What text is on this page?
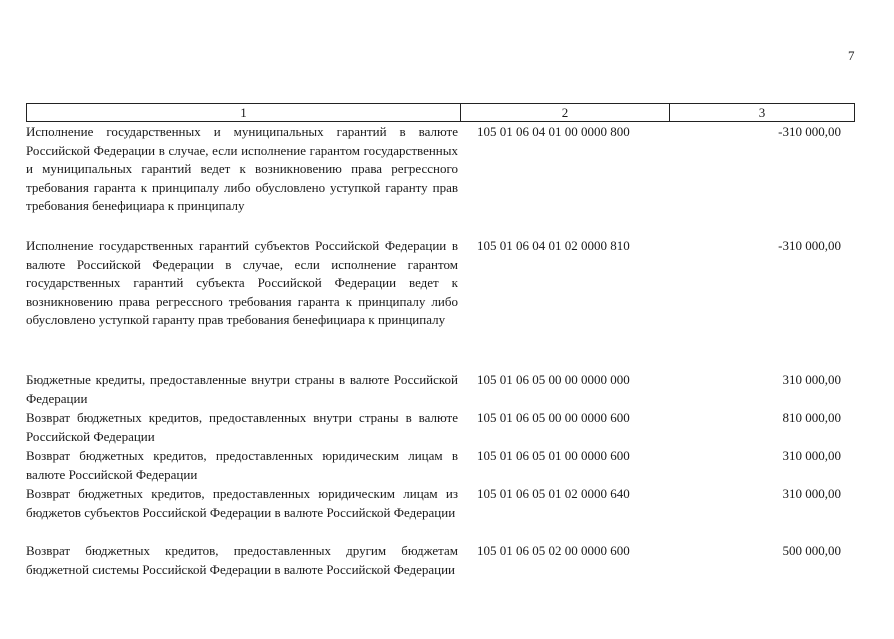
7
1	2	3
Исполнение государственных и муниципальных гарантий в валюте Российской Федерации в случае, если исполнение гарантом государственных и муниципальных гарантий ведет к возникновению права регрессного требования гаранта к принципалу либо обусловлено уступкой гаранту прав требования бенефициара к принципалу
105 01 06 04 01 00 0000 800	-310 000,00
Исполнение государственных гарантий субъектов Российской Федерации в валюте Российской Федерации в случае, если исполнение гарантом государственных гарантий субъекта Российской Федерации ведет к возникновению права регрессного требования гаранта к принципалу либо обусловлено уступкой гаранту прав требования бенефициара к принципалу
105 01 06 04 01 02 0000 810	-310 000,00
Бюджетные кредиты, предоставленные внутри страны в валюте Российской Федерации
105 01 06 05 00 00 0000 000	310 000,00
Возврат бюджетных кредитов, предоставленных внутри страны в валюте Российской Федерации
105 01 06 05 00 00 0000 600	810 000,00
Возврат бюджетных кредитов, предоставленных юридическим лицам в валюте Российской Федерации
105 01 06 05 01 00 0000 600	310 000,00
Возврат бюджетных кредитов, предоставленных юридическим лицам из бюджетов субъектов Российской Федерации в валюте Российской Федерации
105 01 06 05 01 02 0000 640	310 000,00
Возврат бюджетных кредитов, предоставленных другим бюджетам бюджетной системы Российской Федерации в валюте Российской Федерации
105 01 06 05 02 00 0000 600	500 000,00
